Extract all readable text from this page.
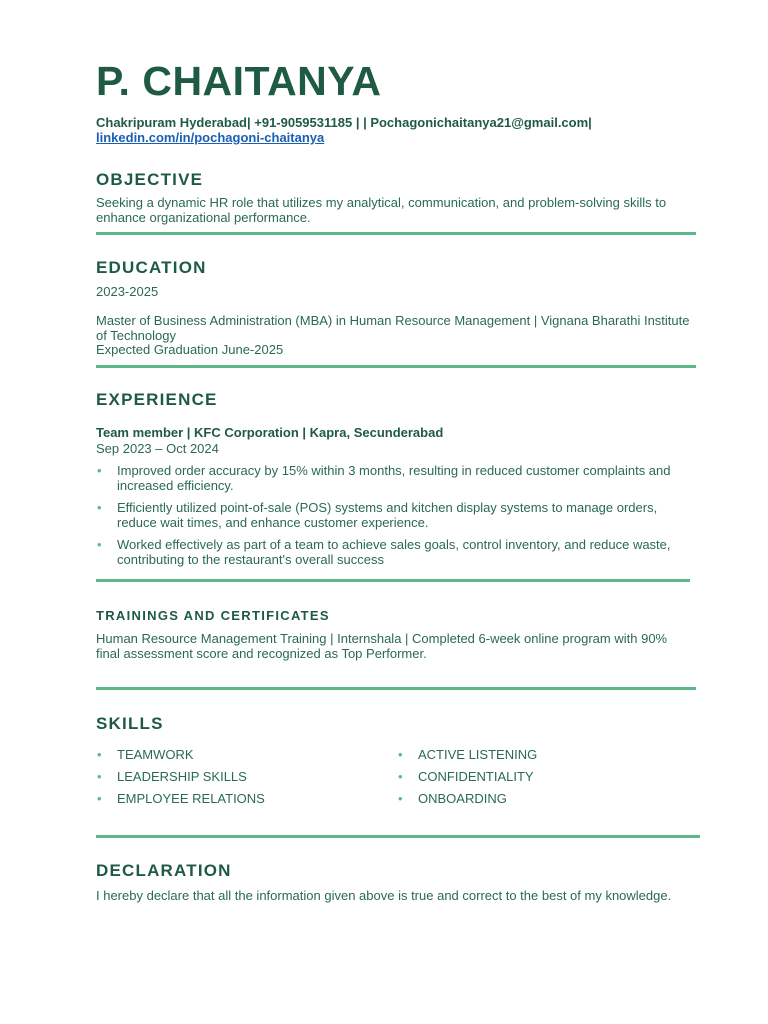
P. CHAITANYA
Chakripuram Hyderabad| +91-9059531185 | | Pochagonichaitanya21@gmail.com|
linkedin.com/in/pochagoni-chaitanya
OBJECTIVE

Seeking a dynamic HR role that utilizes my analytical, communication, and problem-solving skills to enhance organizational performance.

EDUCATION

2023-2025

Master of Business Administration (MBA) in Human Resource Management | Vignana Bharathi Institute of Technology

Expected Graduation June-2025

EXPERIENCE
Team member | KFC Corporation | Kapra, Secunderabad

Sep 2023 – Oct 2024

• Improved order accuracy by 15% within 3 months, resulting in reduced customer complaints and increased efficiency.
• Efficiently utilized point-of-sale (POS) systems and kitchen display systems to manage orders, reduce wait times, and enhance customer experience.
• Worked effectively as part of a team to achieve sales goals, control inventory, and reduce waste, contributing to the restaurant's overall success
TRAININGS AND CERTIFICATES

Human Resource Management Training | Internshala | Completed 6-week online program with 90% final assessment score and recognized as Top Performer.

SKILLS
• TEAMWORK
• LEADERSHIP SKILLS
• EMPLOYEE RELATIONS
• ACTIVE LISTENING
• CONFIDENTIALITY
• ONBOARDING
DECLARATION

I hereby declare that all the information given above is true and correct to the best of my knowledge.
